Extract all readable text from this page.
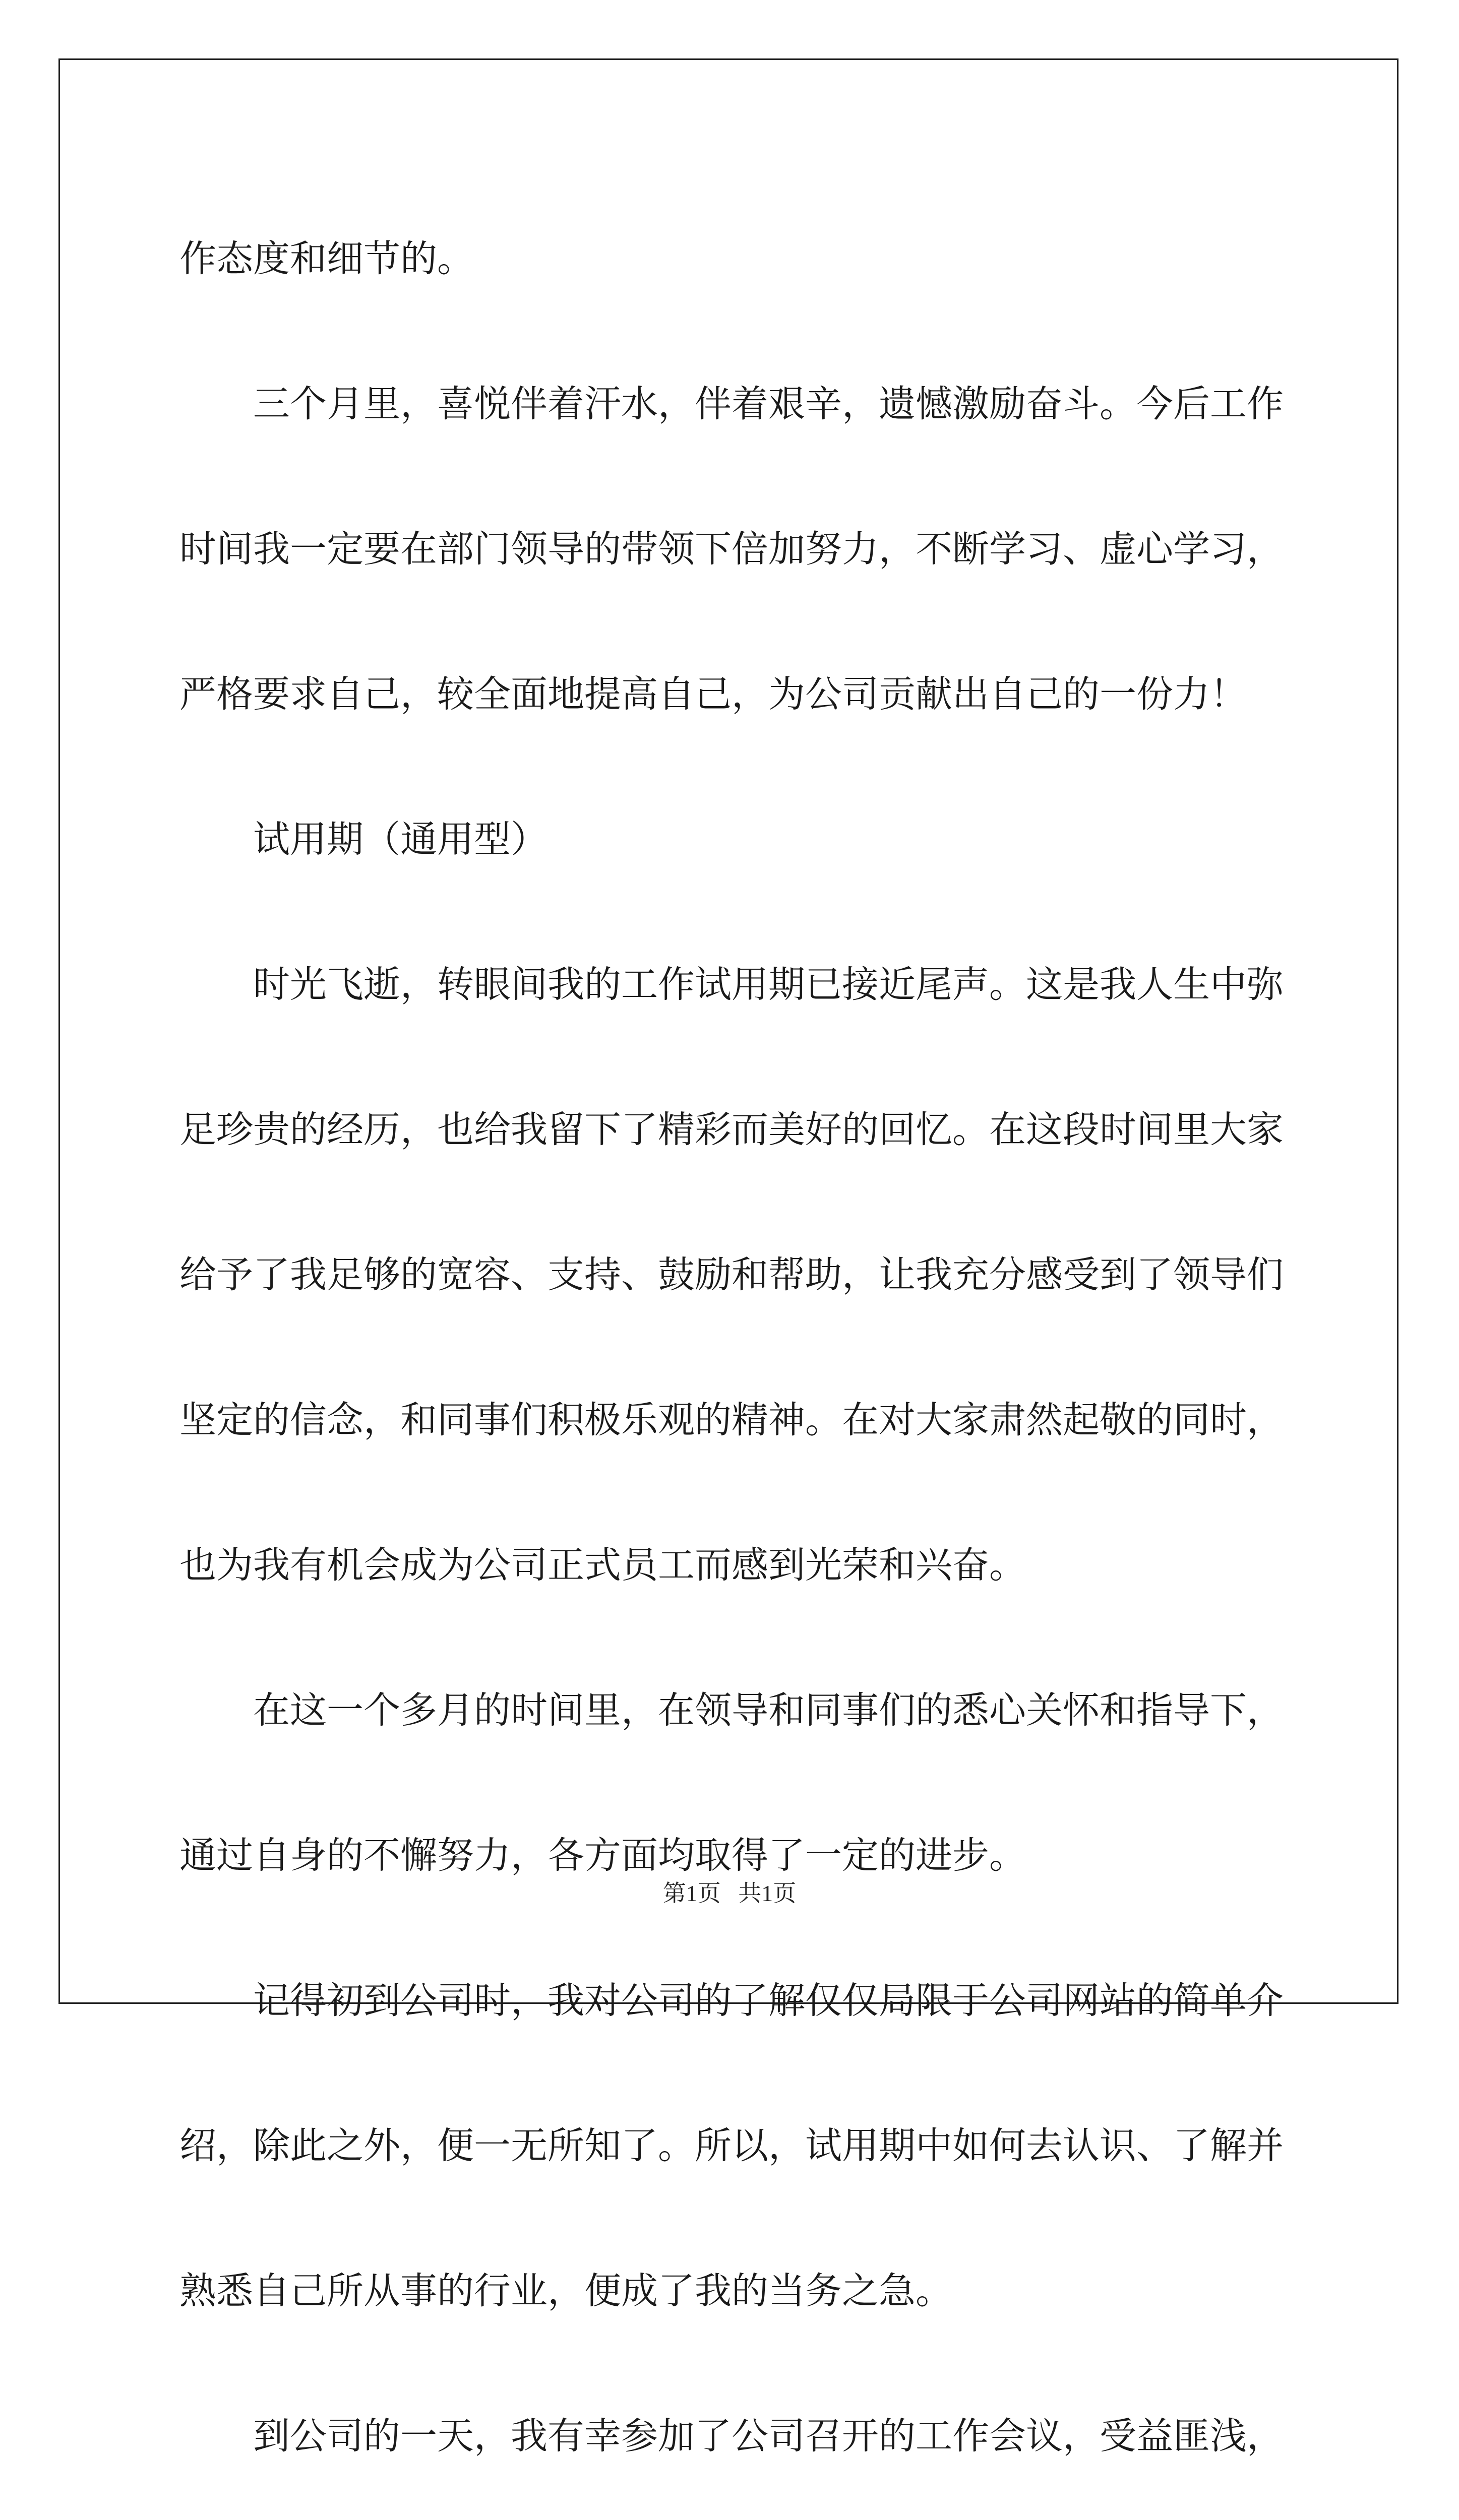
作态度和细节的。

三个月里，喜悦伴着汗水，伴着艰辛，遗憾激励奋斗。今后工作

时间我一定要在部门领导的带领下倍加努力，不断学习、虚心学习，

严格要求自己，较全面地提高自己，为公司贡献出自己的一份力！

试用期（通用型）

时光飞逝，转眼间我的工作试用期已接近尾声。这是我人生中弥

足珍贵的经历，也给我留下了精彩而美好的回忆。在这段时间里大家

给予了我足够的宽容、支持、鼓励和帮助，让我充分感受到了领导们

坚定的信念，和同事们积极乐观的精神。在对大家肃然起敬的同时，

也为我有机会成为公司正式员工而感到光荣和兴奋。

在这一个多月的时间里，在领导和同事们的悉心关怀和指导下，

通过自身的不懈努力，各方面均取得了一定的进步。

记得初到公司时，我对公司的了解仅仅局限于公司网站的简单介

绍，除此之外，便一无所知了。所以，试用期中如何去认识、了解并

熟悉自己所从事的行业，便成了我的当务之急。

到公司的一天，我有幸参加了公司召开的工作会议，受益匪浅，

第1页   共1页
